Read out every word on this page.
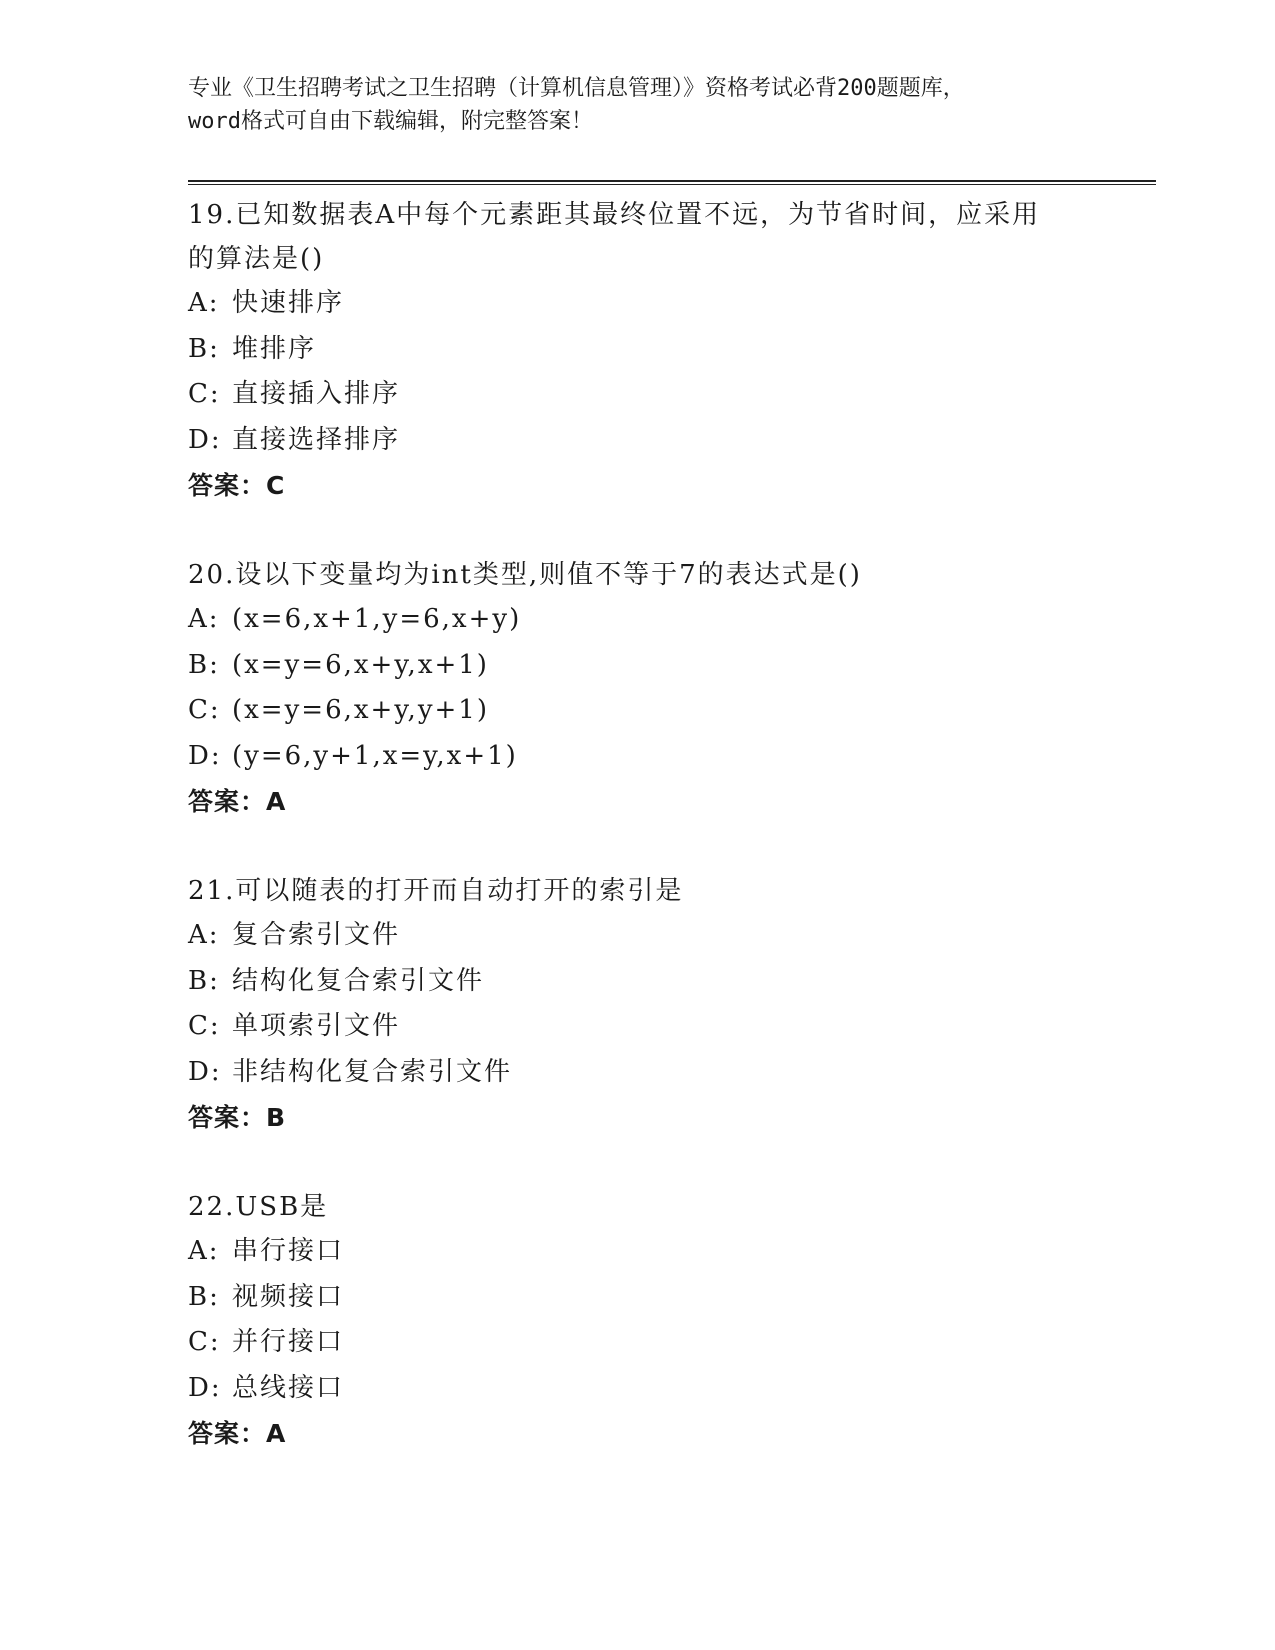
专业《卫生招聘考试之卫生招聘（计算机信息管理）》资格考试必背200题题库，
word格式可自由下载编辑，附完整答案！
19.已知数据表A中每个元素距其最终位置不远，为节省时间，应采用的算法是()
A: 快速排序
B: 堆排序
C: 直接插入排序
D: 直接选择排序
答案：C
20.设以下变量均为int类型,则值不等于7的表达式是()
A: (x=6,x+1,y=6,x+y)
B: (x=y=6,x+y,x+1)
C: (x=y=6,x+y,y+1)
D: (y=6,y+1,x=y,x+1)
答案：A
21.可以随表的打开而自动打开的索引是
A: 复合索引文件
B: 结构化复合索引文件
C: 单项索引文件
D: 非结构化复合索引文件
答案：B
22.USB是
A: 串行接口
B: 视频接口
C: 并行接口
D: 总线接口
答案：A
